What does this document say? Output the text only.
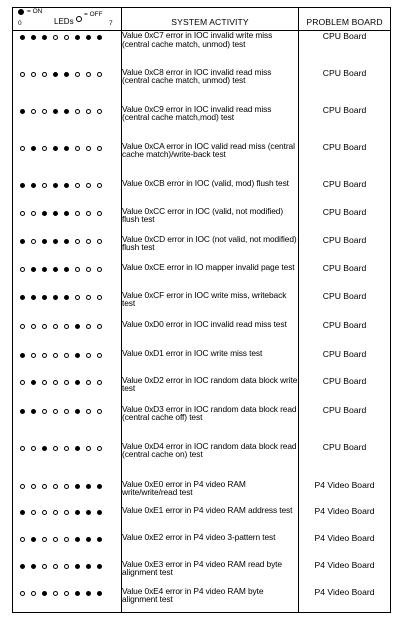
= ON
0 LEDs
= OFF
7	SYSTEM ACTIVITY	PROBLEM BOARD

	Value 0xC7 error in IOC invalid write miss (central cache match, unmod) test	CPU Board

	Value 0xC8 error in IOC invalid read miss (central cache match, unmod) test	CPU Board

	Value 0xC9 error in IOC invalid read miss (central cache match,mod) test	CPU Board

	Value 0xCA error in IOC valid read miss (central cache match)/write-back test	CPU Board

	Value 0xCB error in IOC (valid, mod) flush test	CPU Board

	Value 0xCC error in IOC (valid, not modified) flush test	CPU Board

	Value 0xCD error in IOC (not valid, not modified) flush test	CPU Board

	Value 0xCE error in IO mapper invalid page test	CPU Board

	Value 0xCF error in IOC write miss, writeback test	CPU Board

	Value 0xD0 error in IOC invalid read miss test	CPU Board

	Value 0xD1 error in IOC write miss test	CPU Board

	Value 0xD2 error in IOC random data block write test	CPU Board

	Value 0xD3 error in IOC random data block read (central cache off) test	CPU Board

	Value 0xD4 error in IOC random data block read (central cache on) test	CPU Board

	Value 0xE0 error in P4 video RAM write/write/read test	P4 Video Board

	Value 0xE1 error in P4 video RAM address test	P4 Video Board

	Value 0xE2 error in P4 video 3-pattern test	P4 Video Board

	Value 0xE3 error in P4 video RAM read byte alignment test	P4 Video Board

	Value 0xE4 error in P4 video RAM byte alignment test	P4 Video Board
